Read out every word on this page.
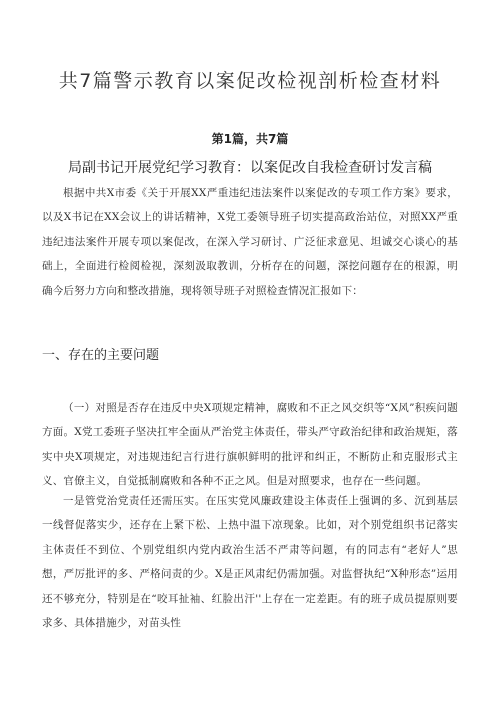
共7篇警示教育以案促改检视剖析检查材料
第1篇，共7篇
局副书记开展党纪学习教育：以案促改自我检查研讨发言稿

根据中共X市委《关于开展XX严重违纪违法案件以案促改的专项工作方案》要求，以及X书记在XX会议上的讲话精神，X党工委领导班子切实提高政治站位，对照XX严重违纪违法案件开展专项以案促改，在深入学习研讨、广泛征求意见、坦诚交心谈心的基础上，全面进行检阅检视，深刻汲取教训，分析存在的问题，深挖问题存在的根源，明确今后努力方向和整改措施，现将领导班子对照检查情况汇报如下：

一、存在的主要问题

（一）对照是否存在违反中央X项规定精神，腐败和不正之风交织等“X风”积疾问题方面。X党工委班子坚决扛牢全面从严治党主体责任，带头严守政治纪律和政治规矩，落实中央X项规定，对违规违纪言行进行旗帜鲜明的批评和纠正，不断防止和克服形式主义、官僚主义，自觉抵制腐败和各种不正之风。但是对照要求，也存在一些问题。

一是管党治党责任还需压实。在压实党风廉政建设主体责任上强调的多、沉到基层一线督促落实少，还存在上紧下松、上热中温下凉现象。比如，对个别党组织书记落实主体责任不到位、个别党组织内党内政治生活不严肃等问题，有的同志有“老好人”思想，严厉批评的多、严格问责的少。X是正风肃纪仍需加强。对监督执纪“X种形态”运用还不够充分，特别是在“咬耳扯袖、红脸出汗''上存在一定差距。有的班子成员提原则要求多、具体措施少，对苗头性
